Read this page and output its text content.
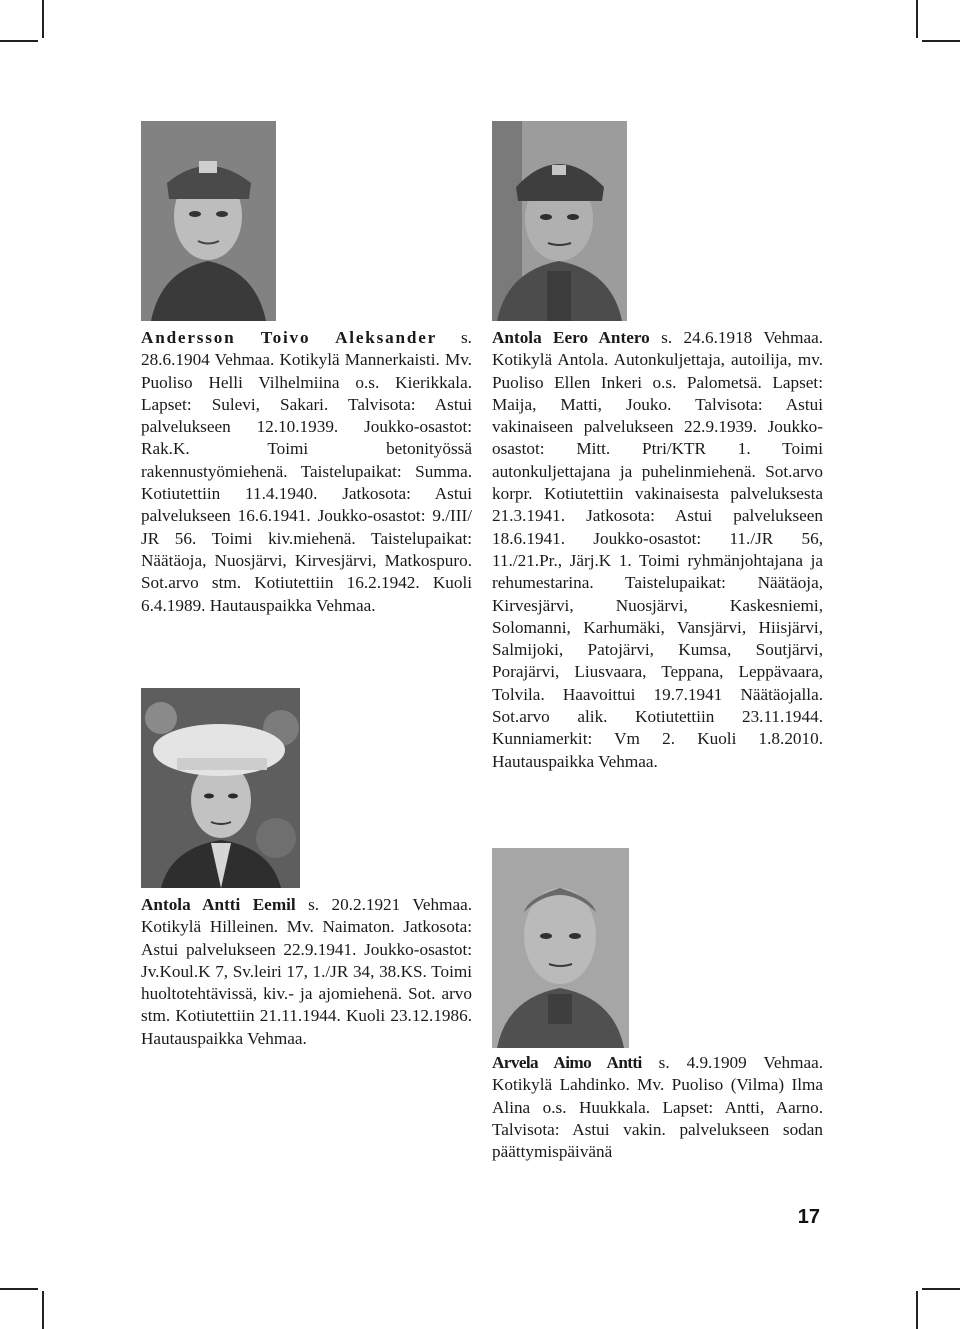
Andersson Toivo Aleksander s. 28.6.1904 Vehmaa. Kotikylä Mannerkaisti. Mv. Puoliso Helli Vilhelmiina o.s. Kierikkala. Lapset: Sulevi, Sakari. Talvisota: Astui palvelukseen 12.10.1939. Joukko-osastot: Rak.K. Toimi betonityössä rakennustyömiehenä. Taistelupaikat: Summa. Kotiutettiin 11.4.1940. Jatkosota: Astui palvelukseen 16.6.1941. Joukko-osastot: 9./III/ JR 56. Toimi kiv.miehenä. Taistelupaikat: Näätäoja, Nuosjärvi, Kirvesjärvi, Matkospuro. Sot.arvo stm. Kotiutettiin 16.2.1942. Kuoli 6.4.1989. Hautauspaikka Vehmaa.

Antola Eero Antero s. 24.6.1918 Vehmaa. Kotikylä Antola. Autonkuljettaja, autoilija, mv. Puoliso Ellen Inkeri o.s. Palometsä. Lapset: Maija, Matti, Jouko. Talvisota: Astui vakinaiseen palvelukseen 22.9.1939. Joukko-osastot: Mitt. Ptri/KTR 1. Toimi autonkuljettajana ja puhelinmiehenä. Sot.arvo korpr. Kotiutettiin vakinaisesta palveluksesta 21.3.1941. Jatkosota: Astui palvelukseen 18.6.1941. Joukko-osastot: 11./JR 56, 11./21.Pr., Järj.K 1. Toimi ryhmänjohtajana ja rehumestarina. Taistelupaikat: Näätäoja, Kirvesjärvi, Nuosjärvi, Kaskesniemi, Solomanni, Karhumäki, Vansjärvi, Hiisjärvi, Salmijoki, Patojärvi, Kumsa, Soutjärvi, Porajärvi, Liusvaara, Teppana, Leppävaara, Tolvila. Haavoittui 19.7.1941 Näätäojalla. Sot.arvo alik. Kotiutettiin 23.11.1944. Kunniamerkit: Vm 2. Kuoli 1.8.2010. Hautauspaikka Vehmaa.

Antola Antti Eemil s. 20.2.1921 Vehmaa. Kotikylä Hilleinen. Mv. Naimaton. Jatkosota: Astui palvelukseen 22.9.1941. Joukko-osastot: Jv.Koul.K 7, Sv.leiri 17, 1./JR 34, 38.KS. Toimi huoltotehtävissä, kiv.- ja ajomiehenä. Sot. arvo stm. Kotiutettiin 21.11.1944. Kuoli 23.12.1986. Hautauspaikka Vehmaa.

Arvela Aimo Antti s. 4.9.1909 Vehmaa. Kotikylä Lahdinko. Mv. Puoliso (Vilma) Ilma Alina o.s. Huukkala. Lapset: Antti, Aarno. Talvisota: Astui vakin. palvelukseen sodan päättymispäivänä

17
